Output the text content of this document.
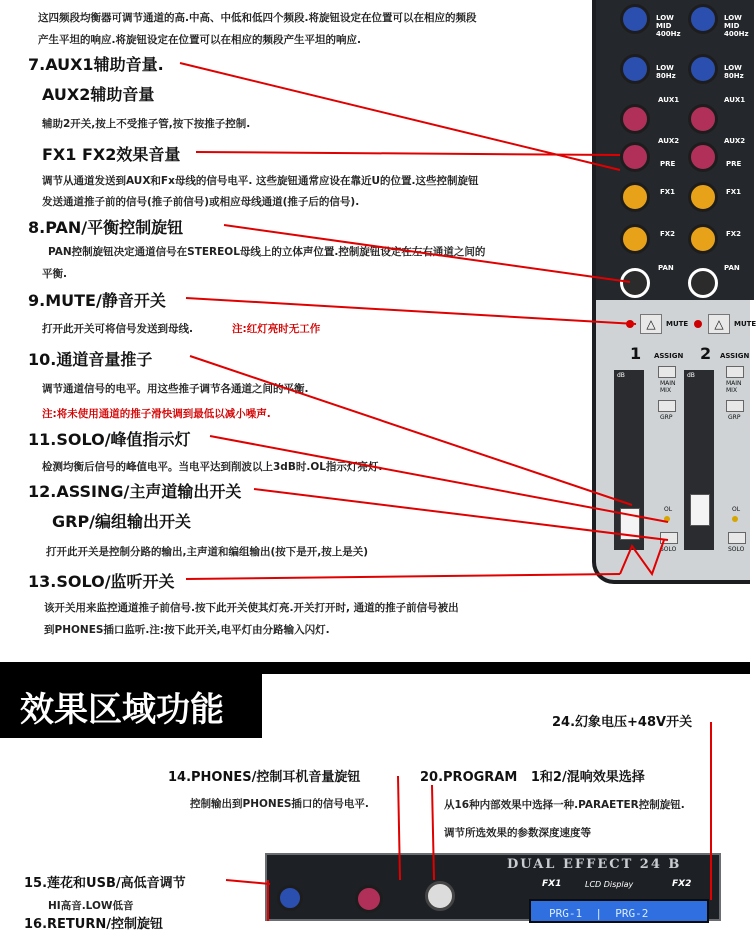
LOW
MID
400Hz
LOW
80Hz
AUX1
AUX2
PRE
FX1
FX2
PAN
LOW
MID
400Hz
LOW
80Hz
AUX1
AUX2
PRE
FX1
FX2
PAN
△	MUTE	△	MUTE
1	2
ASSIGN	ASSIGN
dB	dB
MAIN
MIX
GRP
MAIN
MIX
GRP
OL	OL
SOLO	SOLO
这四频段均衡器可调节通道的高.中高、中低和低四个频段.将旋钮设定在位置可以在相应的频段
产生平坦的响应.将旋钮设定在位置可以在相应的频段产生平坦的响应.
7.AUX1辅助音量.
AUX2辅助音量
辅助2开关,按上不受推子管,按下按推子控制.
FX1 FX2效果音量
调节从通道发送到AUX和Fx母线的信号电平. 这些旋钮通常应设在靠近U的位置.这些控制旋钮
发送通道推子前的信号(推子前信号)或相应母线通道(推子后的信号).
8.PAN/平衡控制旋钮
PAN控制旋钮决定通道信号在STEREOL母线上的立体声位置.控制旋钮设定在左右通道之间的
平衡.
9.MUTE/静音开关
打开此开关可将信号发送到母线.	注:红灯亮时无工作
10.通道音量推子
调节通道信号的电平。用这些推子调节各通道之间的平衡.
注:将未使用通道的推子滑快调到最低以减小噪声.
11.SOLO/峰值指示灯
检测均衡后信号的峰值电平。当电平达到削波以上3dB时.OL指示灯亮灯.
12.ASSING/主声道输出开关
GRP/编组输出开关
打开此开关是控制分路的输出,主声道和编组输出(按下是开,按上是关)
13.SOLO/监听开关
该开关用来监控通道推子前信号.按下此开关使其灯亮.开关打开时, 通道的推子前信号被出
到PHONES插口监听.注:按下此开关,电平灯由分路输入闪灯.
效果区域功能	24.幻象电压+48V开关
14.PHONES/控制耳机音量旋钮
控制输出到PHONES插口的信号电平.
20.PROGRAM   1和2/混响效果选择
从16种内部效果中选择一种.PARAETER控制旋钮.
调节所选效果的参数深度速度等
15.莲花和USB/高低音调节
HI高音.LOW低音
16.RETURN/控制旋钮
DUAL EFFECT 24 B
FX1	LCD Display	FX2
PRG-1  |  PRG-2
